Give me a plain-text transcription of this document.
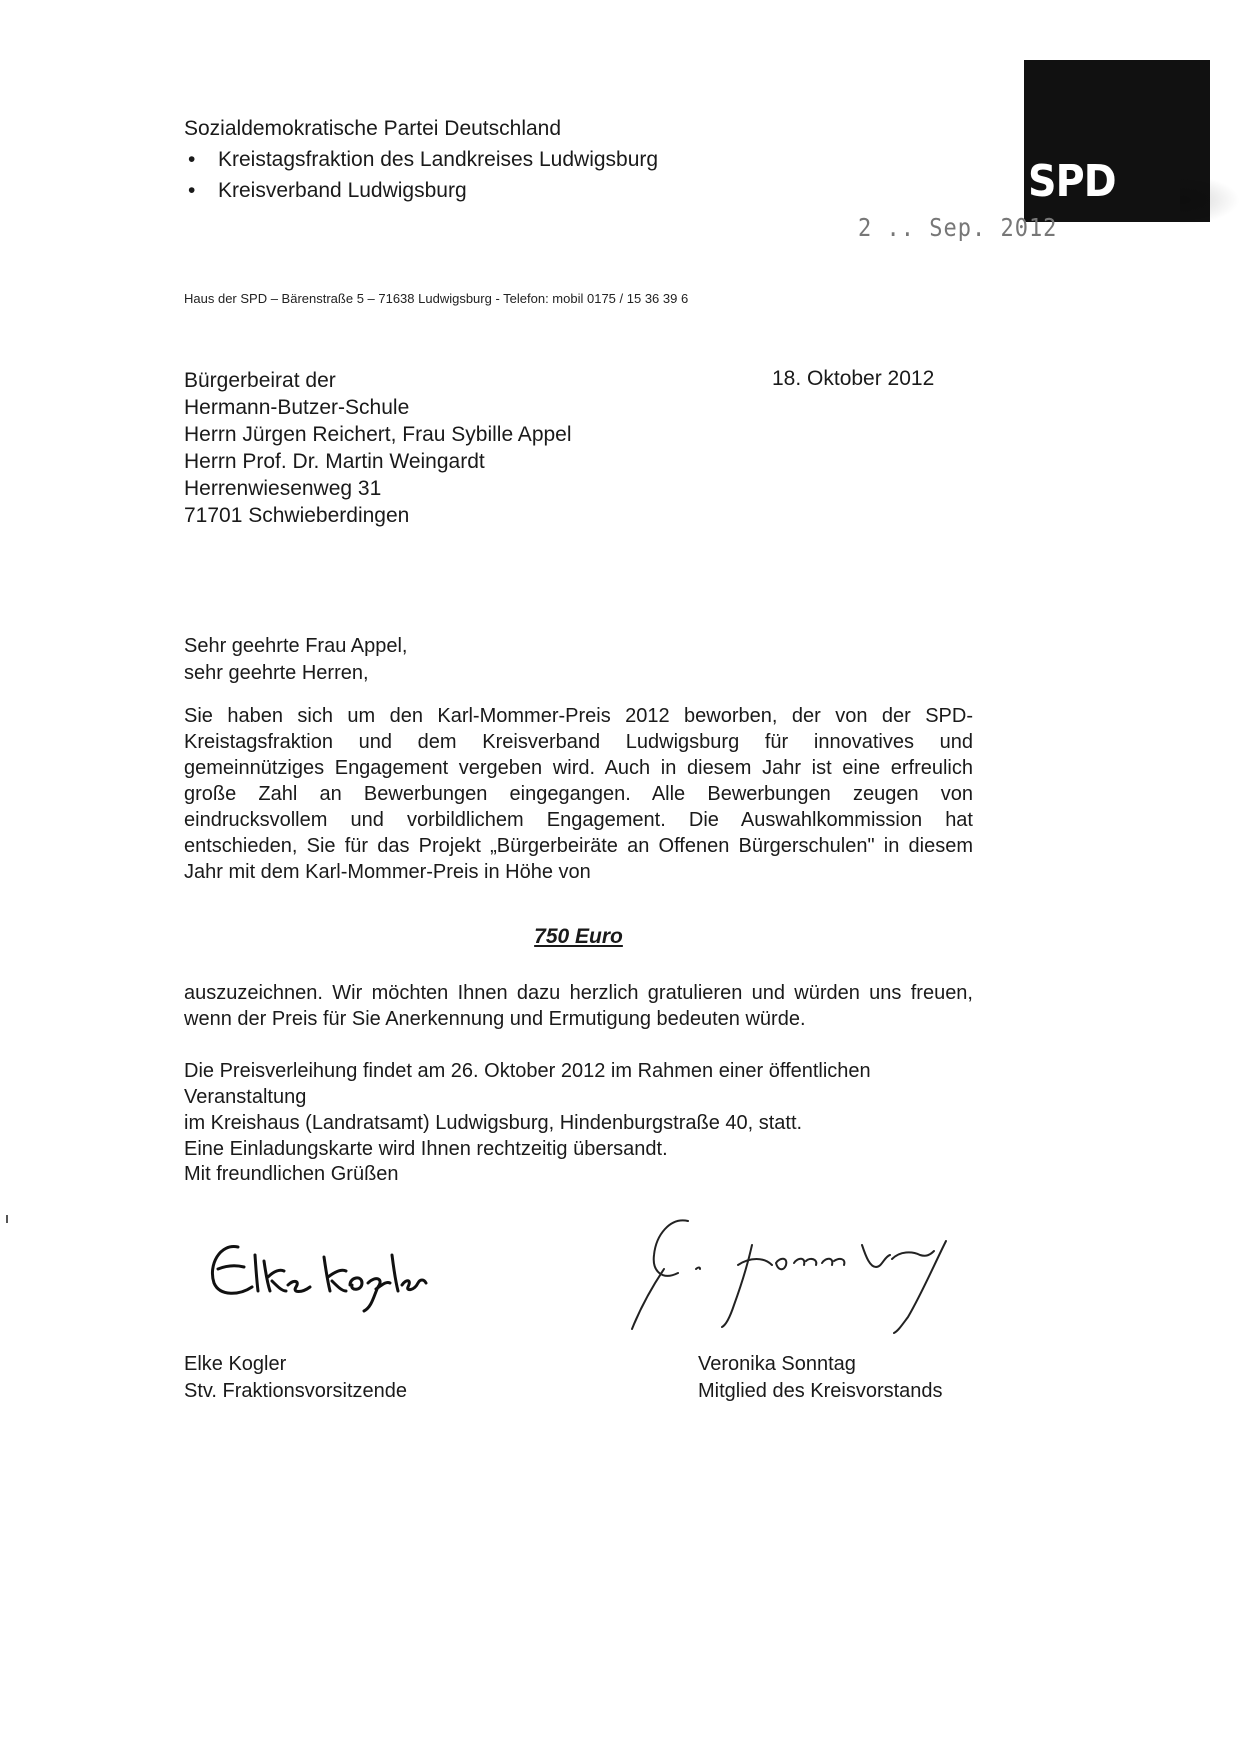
Sozialdemokratische Partei Deutschland
•	Kreistagsfraktion des Landkreises Ludwigsburg
•	Kreisverband Ludwigsburg	SPD
2 .. Sep. 2012
Haus der SPD – Bärenstraße 5 – 71638 Ludwigsburg - Telefon: mobil 0175 / 15 36 39 6
Bürgerbeirat der
Hermann-Butzer-Schule
Herrn Jürgen Reichert, Frau Sybille Appel
Herrn Prof. Dr. Martin Weingardt
Herrenwiesenweg 31
71701 Schwieberdingen
18. Oktober 2012
Sehr geehrte Frau Appel,
sehr geehrte Herren,
Sie haben sich um den Karl-Mommer-Preis 2012 beworben, der von der SPD-Kreistagsfraktion und dem Kreisverband Ludwigsburg für innovatives und gemeinnütziges Engagement vergeben wird. Auch in diesem Jahr ist eine erfreulich große Zahl an Bewerbungen eingegangen. Alle Bewerbungen zeugen von eindrucksvollem und vorbildlichem Engagement. Die Auswahlkommission hat entschieden, Sie für das Projekt „Bürgerbeiräte an Offenen Bürgerschulen" in diesem Jahr mit dem Karl-Mommer-Preis in Höhe von
750 Euro
auszuzeichnen. Wir möchten Ihnen dazu herzlich gratulieren und würden uns freuen, wenn der Preis für Sie Anerkennung und Ermutigung bedeuten würde.
Die Preisverleihung findet am 26. Oktober 2012 im Rahmen einer öffentlichen Veranstaltung
im Kreishaus (Landratsamt) Ludwigsburg, Hindenburgstraße 40, statt.
Eine Einladungskarte wird Ihnen rechtzeitig übersandt.
Mit freundlichen Grüßen
Elke Kogler
Stv. Fraktionsvorsitzende
Veronika Sonntag
Mitglied des Kreisvorstands
